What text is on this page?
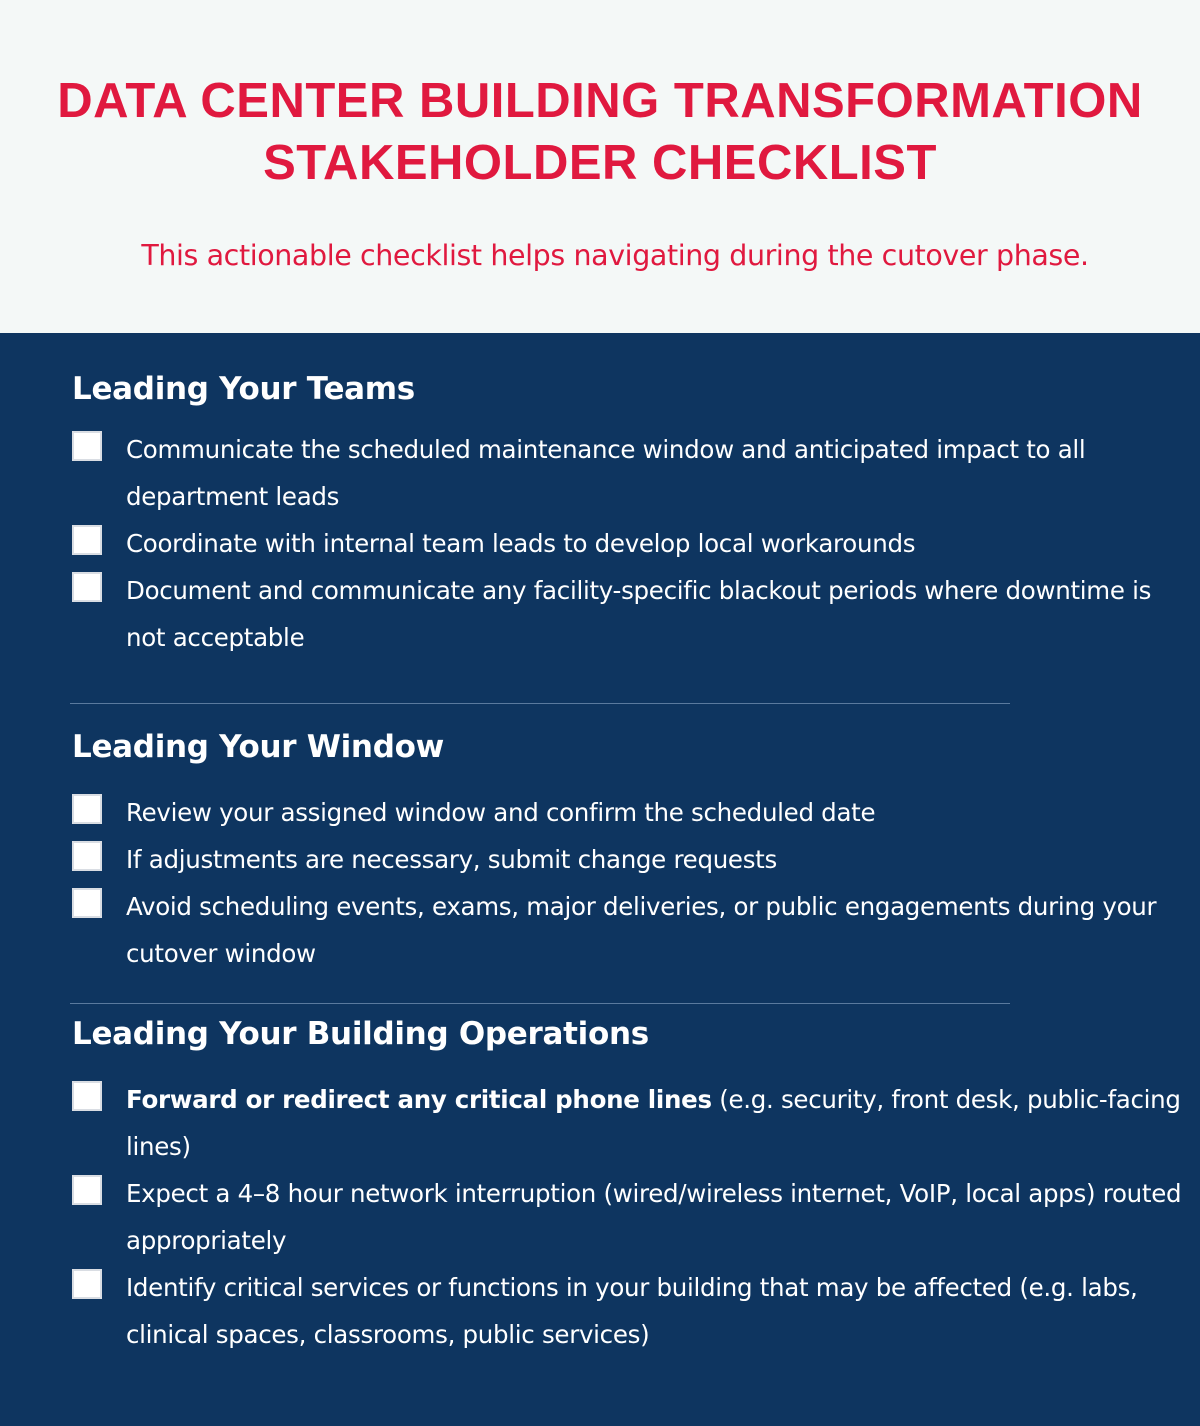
DATA CENTER BUILDING TRANSFORMATION
STAKEHOLDER CHECKLIST
This actionable checklist helps navigating during the cutover phase.
Leading Your Teams
Communicate the scheduled maintenance window and anticipated impact to all department leads
Coordinate with internal team leads to develop local workarounds
Document and communicate any facility-specific blackout periods where downtime is not acceptable
Leading Your Window
Review your assigned window and confirm the scheduled date
If adjustments are necessary, submit change requests
Avoid scheduling events, exams, major deliveries, or public engagements during your cutover window
Leading Your Building Operations
Forward or redirect any critical phone lines (e.g. security, front desk, public-facing lines)
Expect a 4–8 hour network interruption (wired/wireless internet, VoIP, local apps) routed appropriately
Identify critical services or functions in your building that may be affected (e.g. labs, clinical spaces, classrooms, public services)
